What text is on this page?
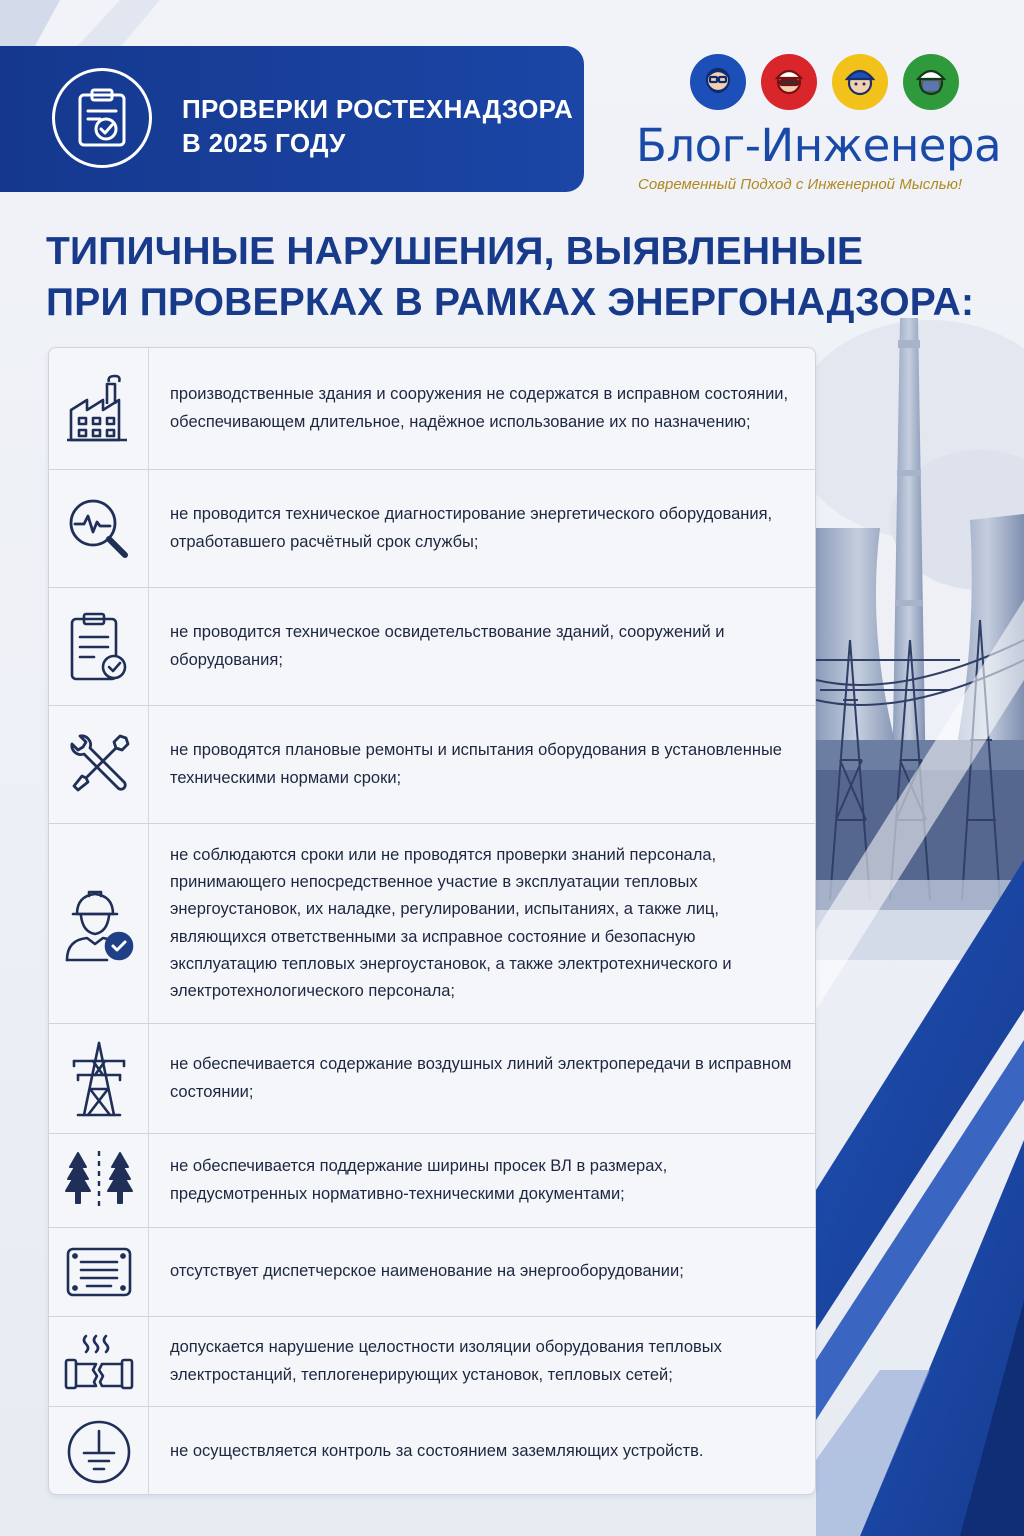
ПРОВЕРКИ РОСТЕХНАДЗОРА
В 2025 ГОДУ	Блог-Инженера
Современный Подход с Инженерной Мыслью!
ТИПИЧНЫЕ НАРУШЕНИЯ, ВЫЯВЛЕННЫЕ
ПРИ ПРОВЕРКАХ В РАМКАХ ЭНЕРГОНАДЗОРА:

производственные здания и сооружения не содержатся в исправном состоянии, обеспечивающем длительное, надёжное использование их по назначению;

не проводится техническое диагностирование энергетического оборудования, отработавшего расчётный срок службы;

не проводится техническое освидетельствование зданий, сооружений и оборудования;

не проводятся плановые ремонты и испытания оборудования в установленные техническими нормами сроки;

не соблюдаются сроки или не проводятся проверки знаний персонала, принимающего непосредственное участие в эксплуатации тепловых энергоустановок, их наладке, регулировании, испытаниях, а также лиц, являющихся ответственными за исправное состояние и безопасную эксплуатацию тепловых энергоустановок, а также электротехнического и электротехнологического персонала;

не обеспечивается содержание воздушных линий электропередачи в исправном состоянии;

не обеспечивается поддержание ширины просек ВЛ в размерах, предусмотренных нормативно-техническими документами;

отсутствует диспетчерское наименование на энергооборудовании;

допускается нарушение целостности изоляции оборудования тепловых электростанций, теплогенерирующих установок, тепловых сетей;

не осуществляется контроль за состоянием заземляющих устройств.
